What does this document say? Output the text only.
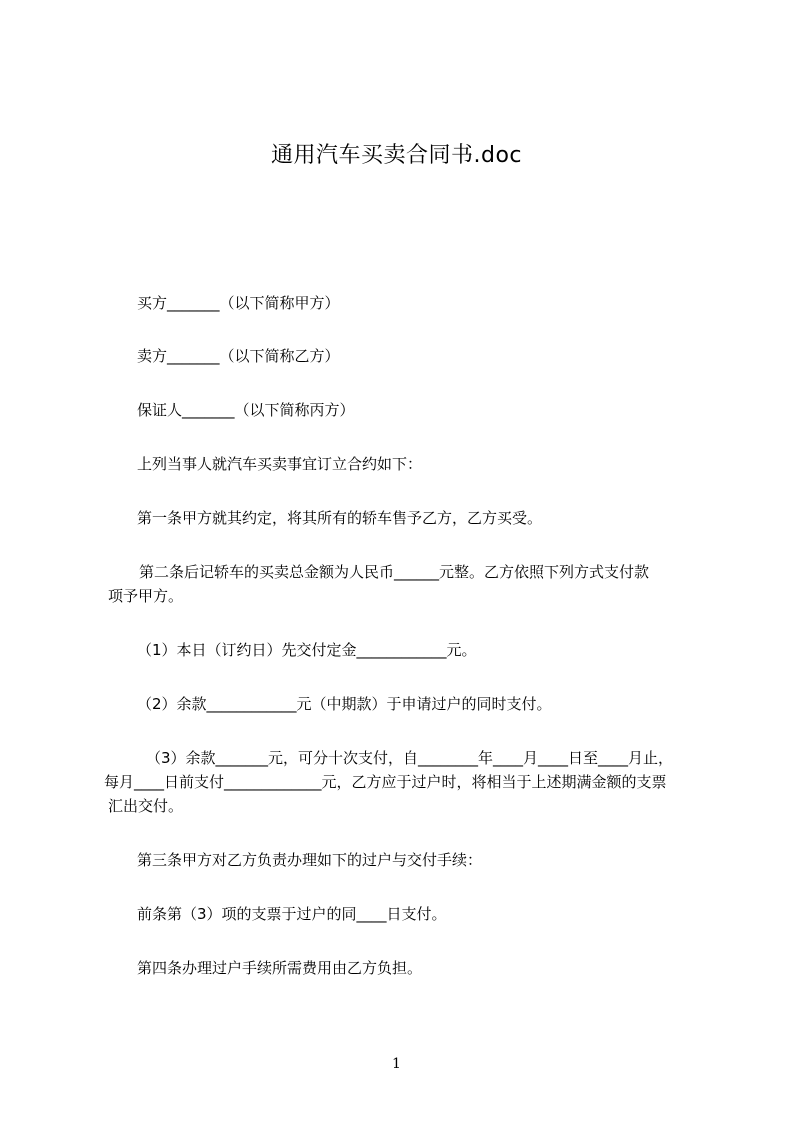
通用汽车买卖合同书.doc
买方_______（以下简称甲方）
卖方_______（以下简称乙方）
保证人_______（以下简称丙方）
上列当事人就汽车买卖事宜订立合约如下：
第一条甲方就其约定，将其所有的轿车售予乙方，乙方买受。
第二条后记轿车的买卖总金额为人民币______元整。乙方依照下列方式支付款
项予甲方。
（1）本日（订约日）先交付定金____________元。
（2）余款____________元（中期款）于申请过户的同时支付。
（3）余款_______元，可分十次支付，自________年____月____日至____月止，
每月____日前支付_____________元，乙方应于过户时，将相当于上述期满金额的支票
汇出交付。
第三条甲方对乙方负责办理如下的过户与交付手续：
前条第（3）项的支票于过户的同____日支付。
第四条办理过户手续所需费用由乙方负担。
1
